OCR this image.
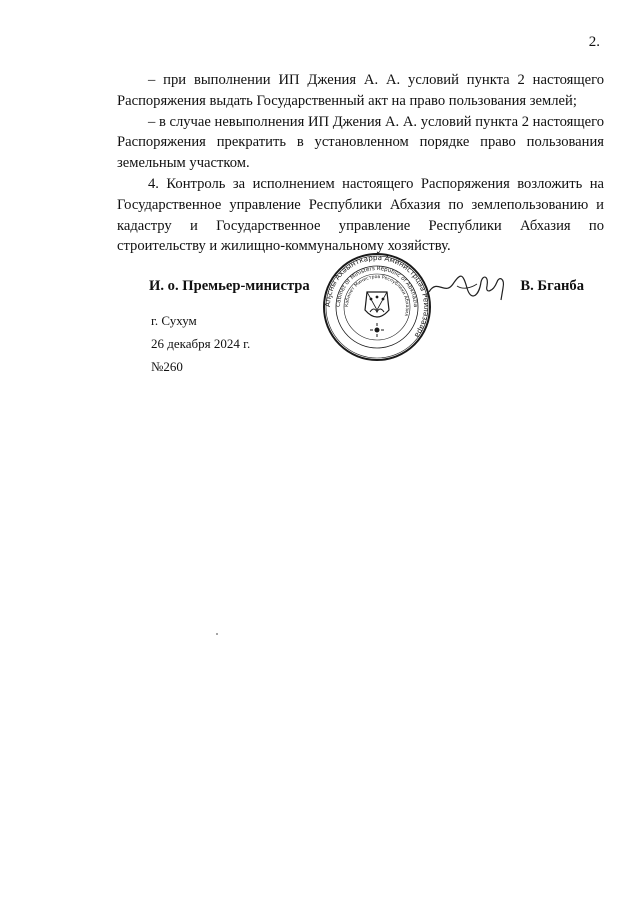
2.

– при выполнении ИП Джения А. А. условий пункта 2 настоящего Распоряжения выдать Государственный акт на право пользования землей;

– в случае невыполнения ИП Джения А. А. условий пункта 2 настоящего Распоряжения прекратить в установленном порядке право пользования земельным участком.

4. Контроль за исполнением настоящего Распоряжения возложить на Государственное управление Республики Абхазия по землепользованию и кадастру и Государственное управление Республики Абхазия по строительству и жилищно-коммунальному хозяйству.

И. о. Премьер-министра
Аҧсны Ахәынткарра Аминистрцәа Реилазаара
Cabinet of Ministers Republic of Abkhazia
Кабинет Министров Республики Абхазия
В. Бганба
г. Сухум
26 декабря 2024 г.
№260
